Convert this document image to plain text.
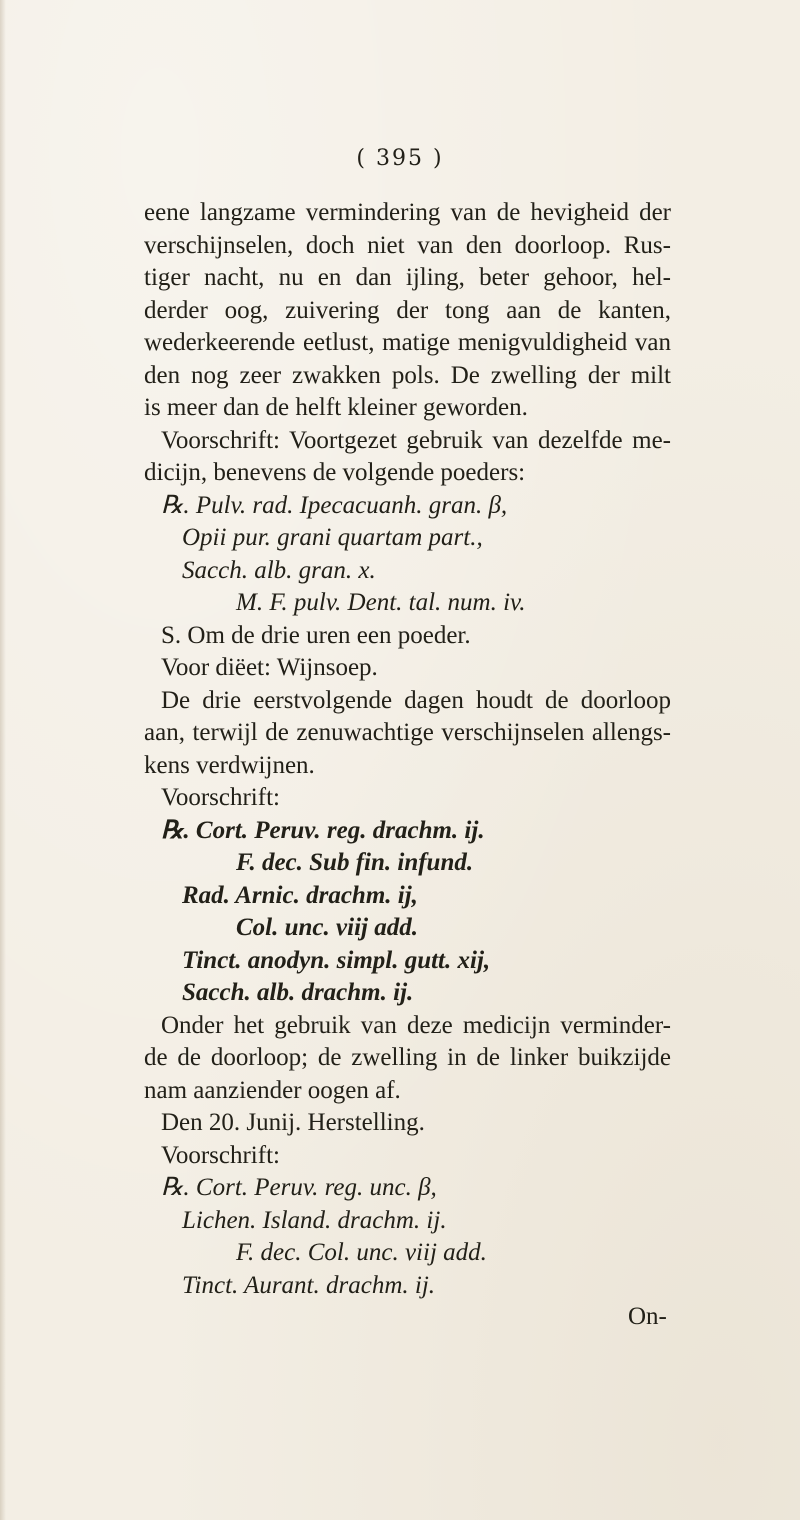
( 395 )
eene langzame vermindering van de hevigheid der
verschijnselen, doch niet van den doorloop. Rus-
tiger nacht, nu en dan ijling, beter gehoor, hel-
derder oog, zuivering der tong aan de kanten,
wederkeerende eetlust, matige menigvuldigheid van
den nog zeer zwakken pols. De zwelling der milt
is meer dan de helft kleiner geworden.
Voorschrift: Voortgezet gebruik van dezelfde me-
dicijn, benevens de volgende poeders:
℞. Pulv. rad. Ipecacuanh. gran. β,
Opii pur. grani quartam part.,
Sacch. alb. gran. x.
M. F. pulv. Dent. tal. num. iv.
S. Om de drie uren een poeder.
Voor diëet: Wijnsoep.
De drie eerstvolgende dagen houdt de doorloop
aan, terwijl de zenuwachtige verschijnselen allengs-
kens verdwijnen.
Voorschrift:
℞. Cort. Peruv. reg. drachm. ij.
F. dec. Sub fin. infund.
Rad. Arnic. drachm. ij,
Col. unc. viij add.
Tinct. anodyn. simpl. gutt. xij,
Sacch. alb. drachm. ij.
Onder het gebruik van deze medicijn verminder-
de de doorloop; de zwelling in de linker buikzijde
nam aanziender oogen af.
Den 20. Junij. Herstelling.
Voorschrift:
℞. Cort. Peruv. reg. unc. β,
Lichen. Island. drachm. ij.
F. dec. Col. unc. viij add.
Tinct. Aurant. drachm. ij.
On-
